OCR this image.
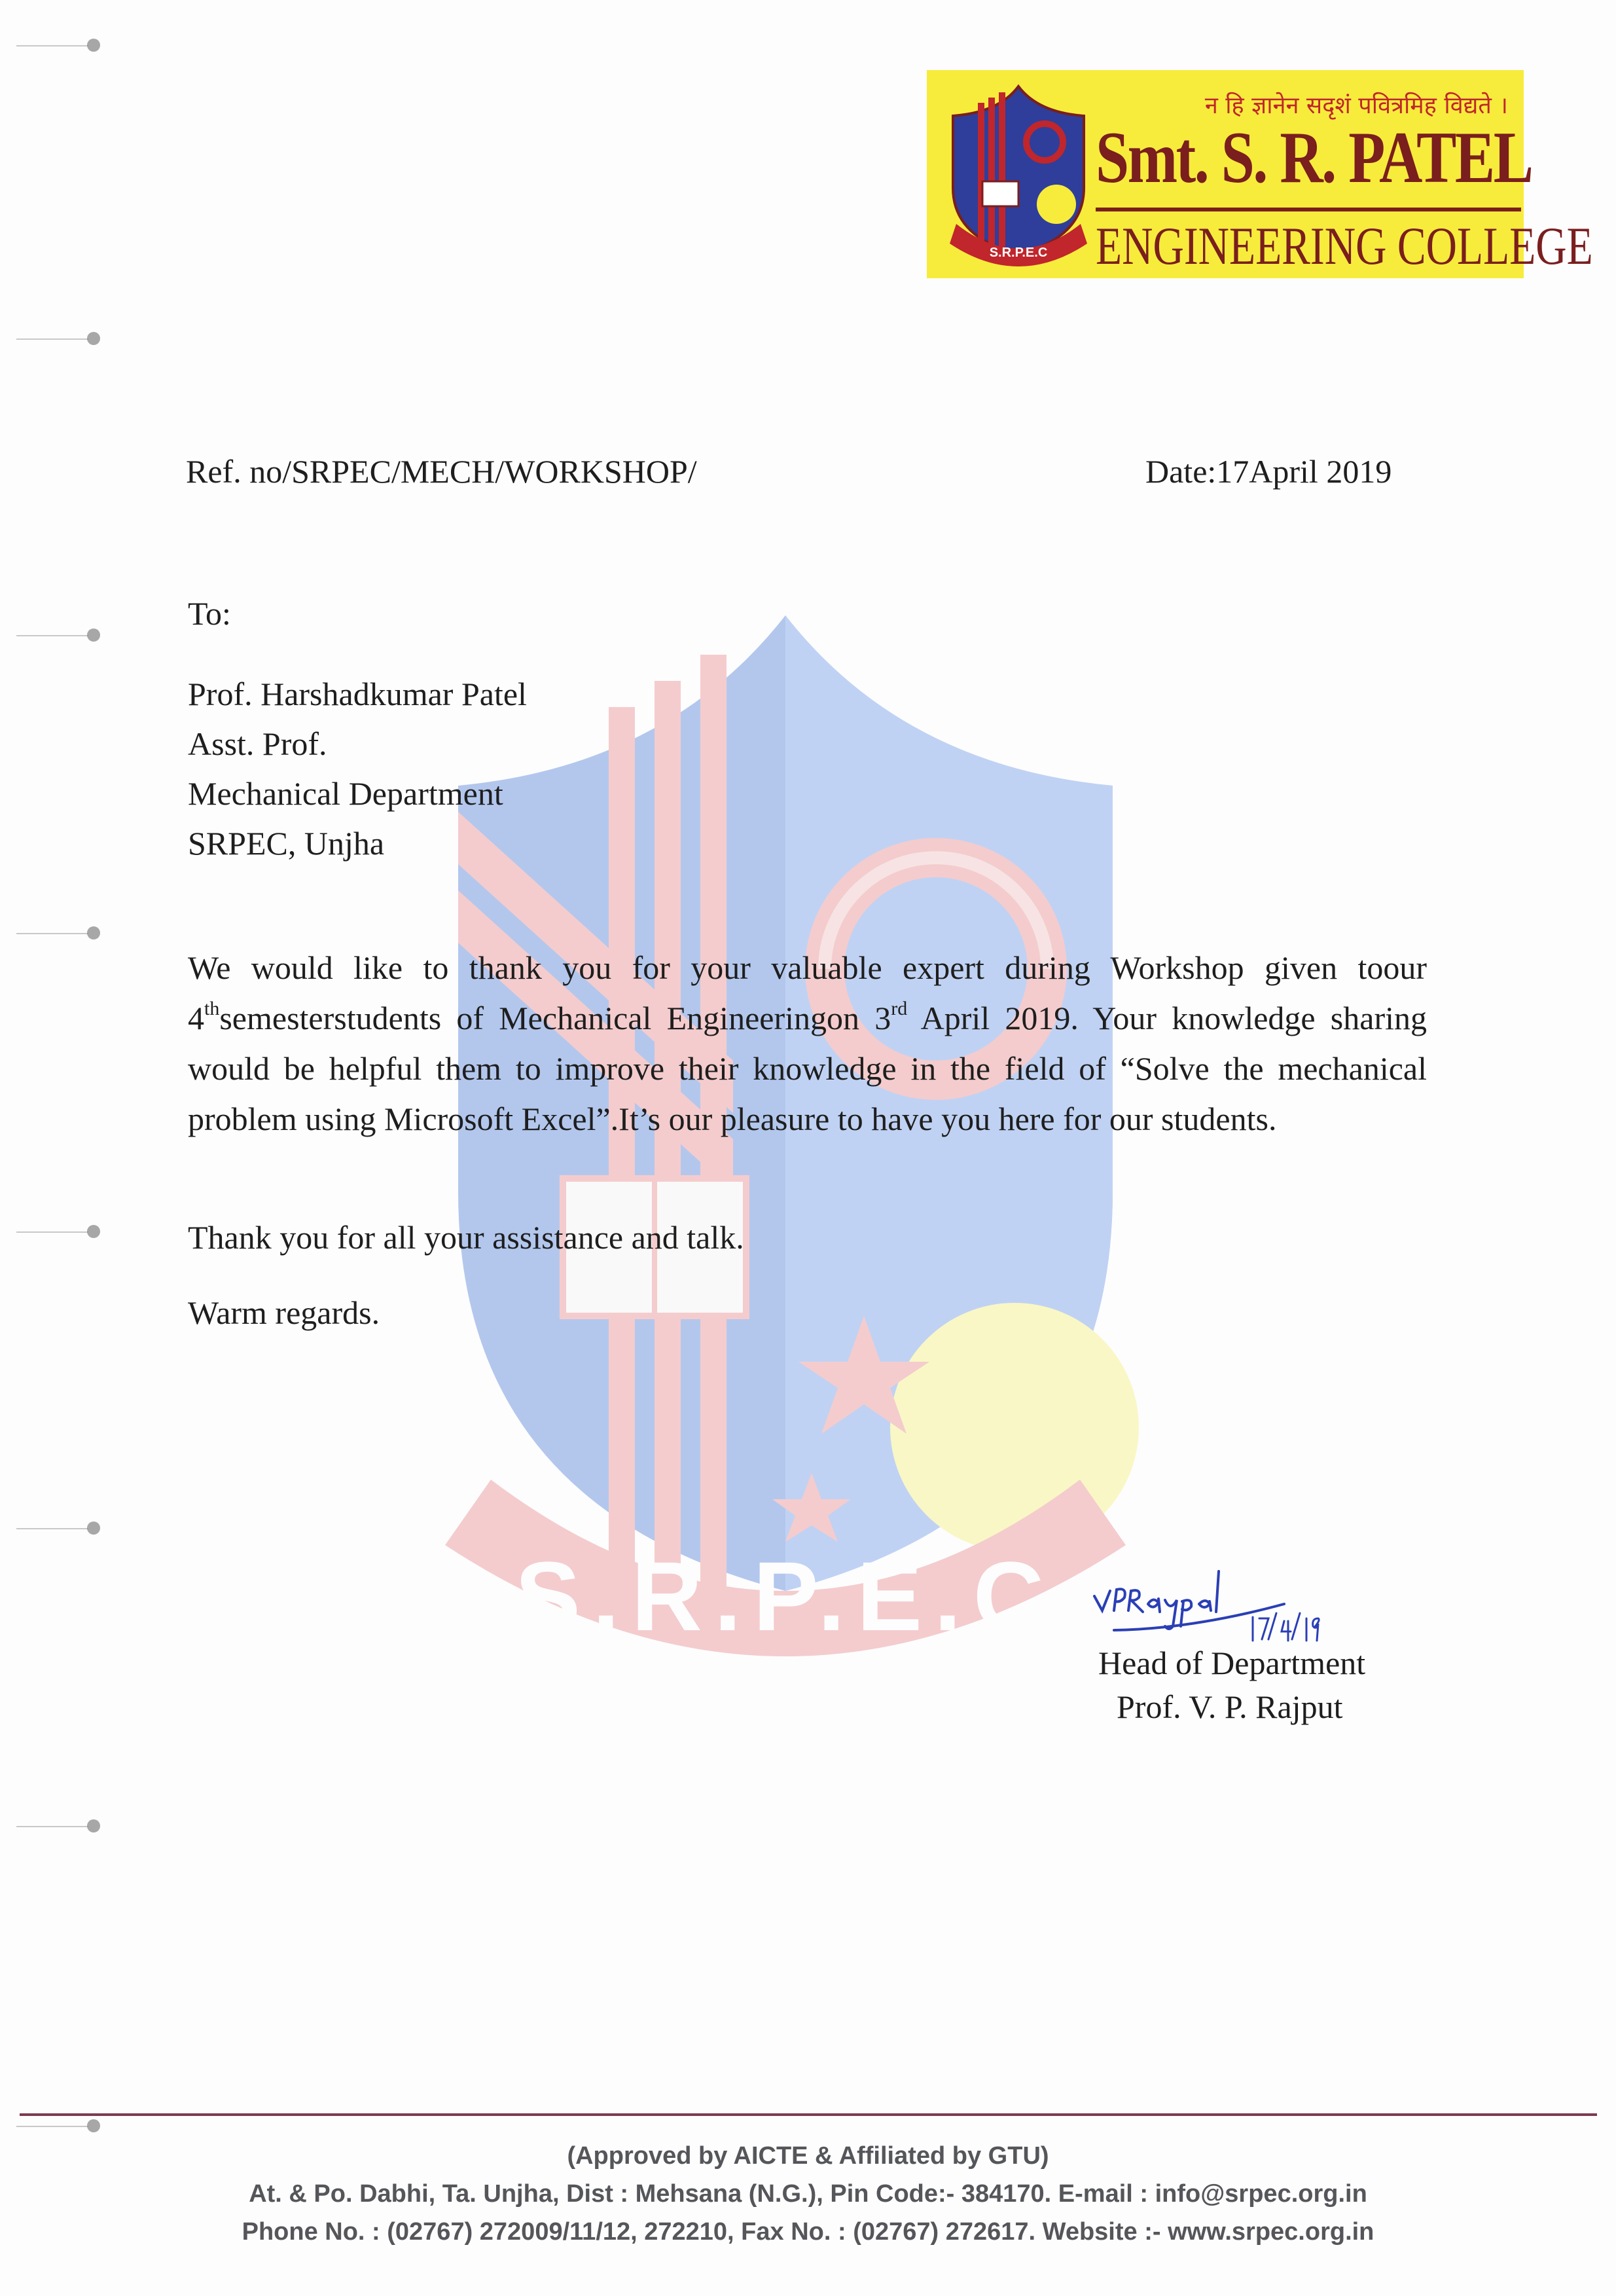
S.R.P.E.C
S.R.P.E.C
न हि ज्ञानेन सदृशं पवित्रमिह विद्यते ।
Smt. S. R. PATEL
ENGINEERING COLLEGE
Ref. no/SRPEC/MECH/WORKSHOP/	Date:17April 2019
To:
Prof. Harshadkumar Patel
Asst. Prof.
Mechanical Department
SRPEC, Unjha
We would like to thank you for your valuable expert during Workshop given toour 4thsemesterstudents of Mechanical Engineeringon 3rd April 2019. Your knowledge sharing would be helpful them to improve their knowledge in the field of “Solve the mechanical problem using Microsoft Excel”.It’s our pleasure to have you here for our students.
Thank you for all your assistance and talk.
Warm regards.
Head of Department
Prof. V. P. Rajput
(Approved by AICTE & Affiliated by GTU)
At. & Po. Dabhi, Ta. Unjha, Dist : Mehsana (N.G.), Pin Code:- 384170. E-mail : info@srpec.org.in
Phone No. : (02767) 272009/11/12, 272210, Fax No. : (02767) 272617. Website :- www.srpec.org.in
